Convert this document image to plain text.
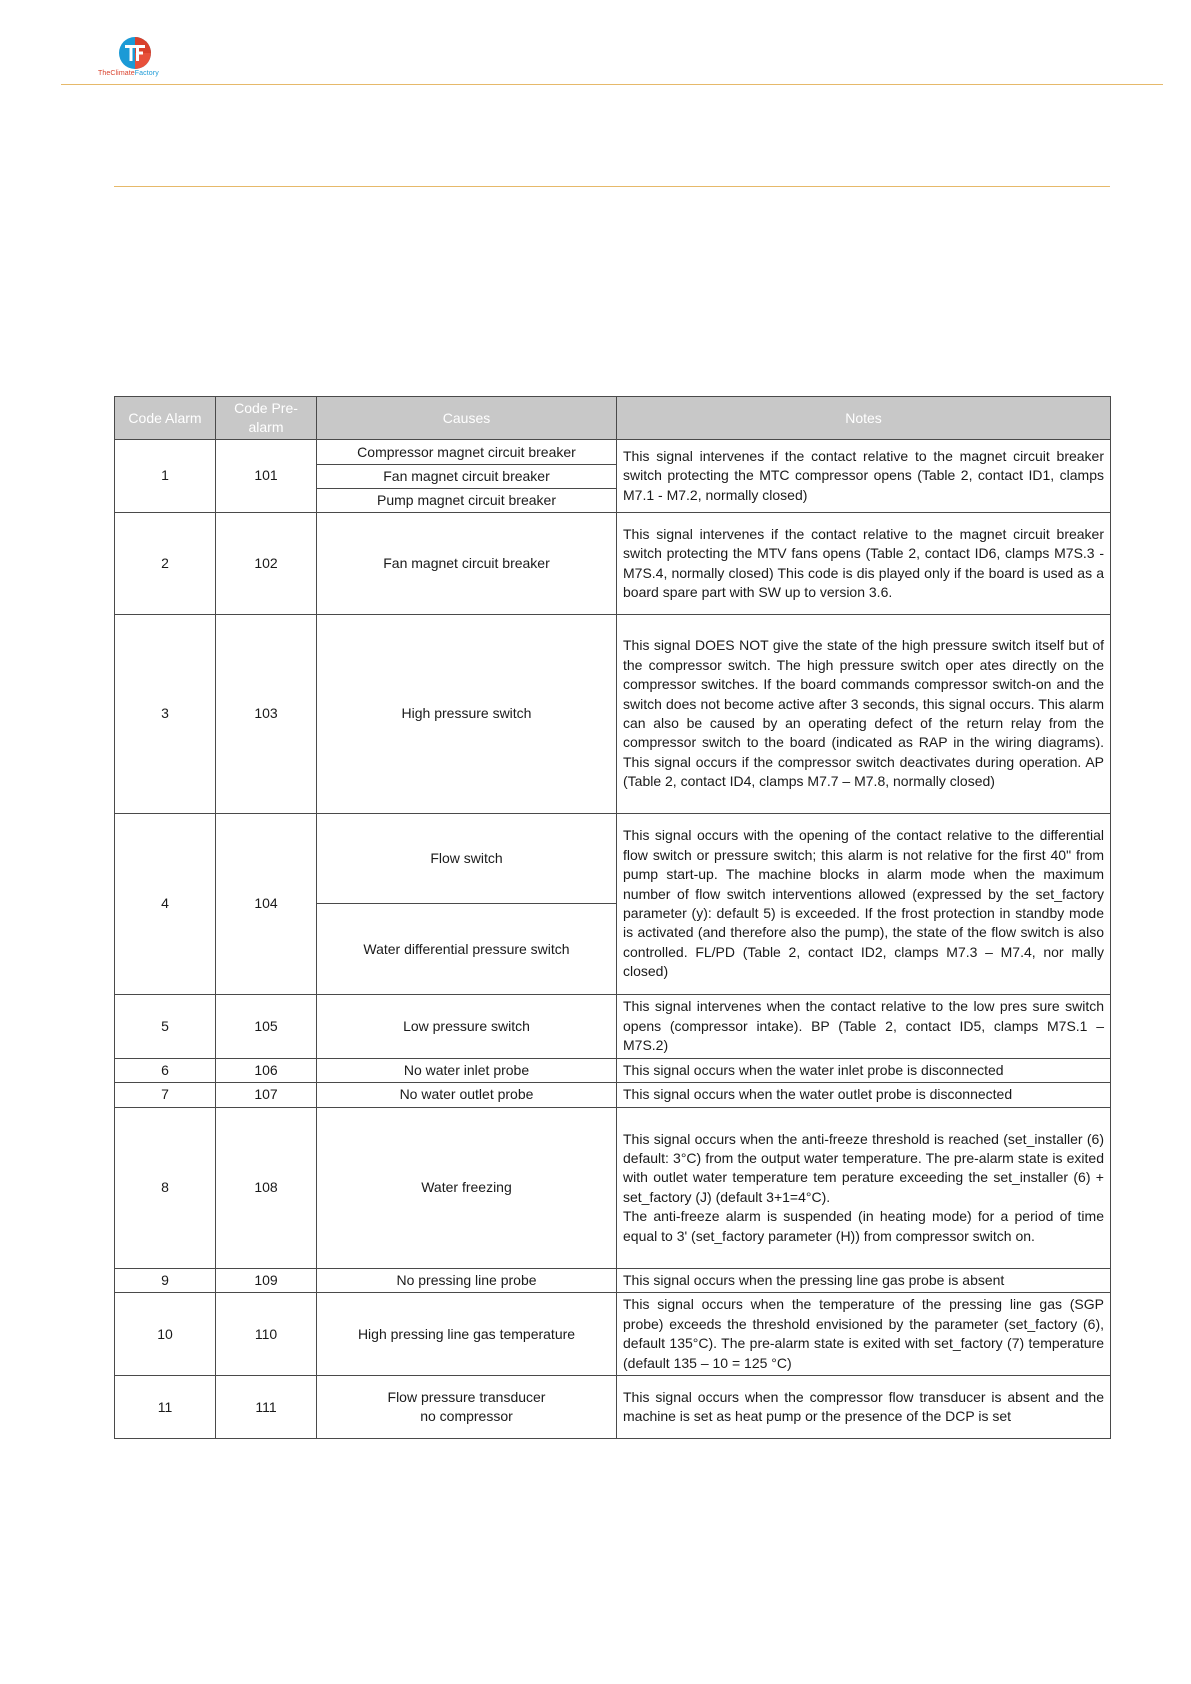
TheClimateFactory
Code Alarm	Code Pre-alarm	Causes	Notes
1	101	Compressor magnet circuit breaker
Fan magnet circuit breaker
Pump magnet circuit breaker	This signal intervenes if the contact relative to the magnet circuit breaker switch protecting the MTC compressor opens (Table 2, contact ID1, clamps M7.1 - M7.2, normally closed)
2	102	Fan magnet circuit breaker	This signal intervenes if the contact relative to the magnet circuit breaker switch protecting the MTV fans opens (Table 2, contact ID6, clamps M7S.3 - M7S.4, normally closed) This code is dis played only if the board is used as a board spare part with SW up to version 3.6.
3	103	High pressure switch	This signal DOES NOT give the state of the high pressure switch itself but of the compressor switch. The high pressure switch oper ates directly on the compressor switches. If the board commands compressor switch-on and the switch does not become active after 3 seconds, this signal occurs. This alarm can also be caused by an operating defect of the return relay from the compressor switch to the board (indicated as RAP in the wiring diagrams). This signal occurs if the compressor switch deactivates during operation. AP (Table 2, contact ID4, clamps M7.7 – M7.8, normally closed)
4	104	Flow switch
Water differential pressure switch	This signal occurs with the opening of the contact relative to the differential flow switch or pressure switch; this alarm is not relative for the first 40" from pump start-up. The machine blocks in alarm mode when the maximum number of flow switch interventions allowed (expressed by the set_factory parameter (y): default 5) is exceeded. If the frost protection in standby mode is activated (and therefore also the pump), the state of the flow switch is also controlled. FL/PD (Table 2, contact ID2, clamps M7.3 – M7.4, nor mally closed)
5	105	Low pressure switch	This signal intervenes when the contact relative to the low pres sure switch opens (compressor intake). BP (Table 2, contact ID5, clamps M7S.1 – M7S.2)
6	106	No water inlet probe	This signal occurs when the water inlet probe is disconnected
7	107	No water outlet probe	This signal occurs when the water outlet probe is disconnected
8	108	Water freezing	This signal occurs when the anti-freeze threshold is reached (set_installer (6) default: 3°C) from the output water temperature. The pre-alarm state is exited with outlet water temperature tem perature exceeding the set_installer (6) + set_factory (J) (default 3+1=4°C).
The anti-freeze alarm is suspended (in heating mode) for a period of time equal to 3' (set_factory parameter (H)) from compressor switch on.

9	109	No pressing line probe	This signal occurs when the pressing line gas probe is absent
10	110	High pressing line gas temperature	This signal occurs when the temperature of the pressing line gas (SGP probe) exceeds the threshold envisioned by the parameter (set_factory (6), default 135°C). The pre-alarm state is exited with set_factory (7) temperature (default 135 – 10 = 125 °C)
11	111	Flow pressure transducer
no compressor	This signal occurs when the compressor flow transducer is absent and the machine is set as heat pump or the presence of the DCP is set
